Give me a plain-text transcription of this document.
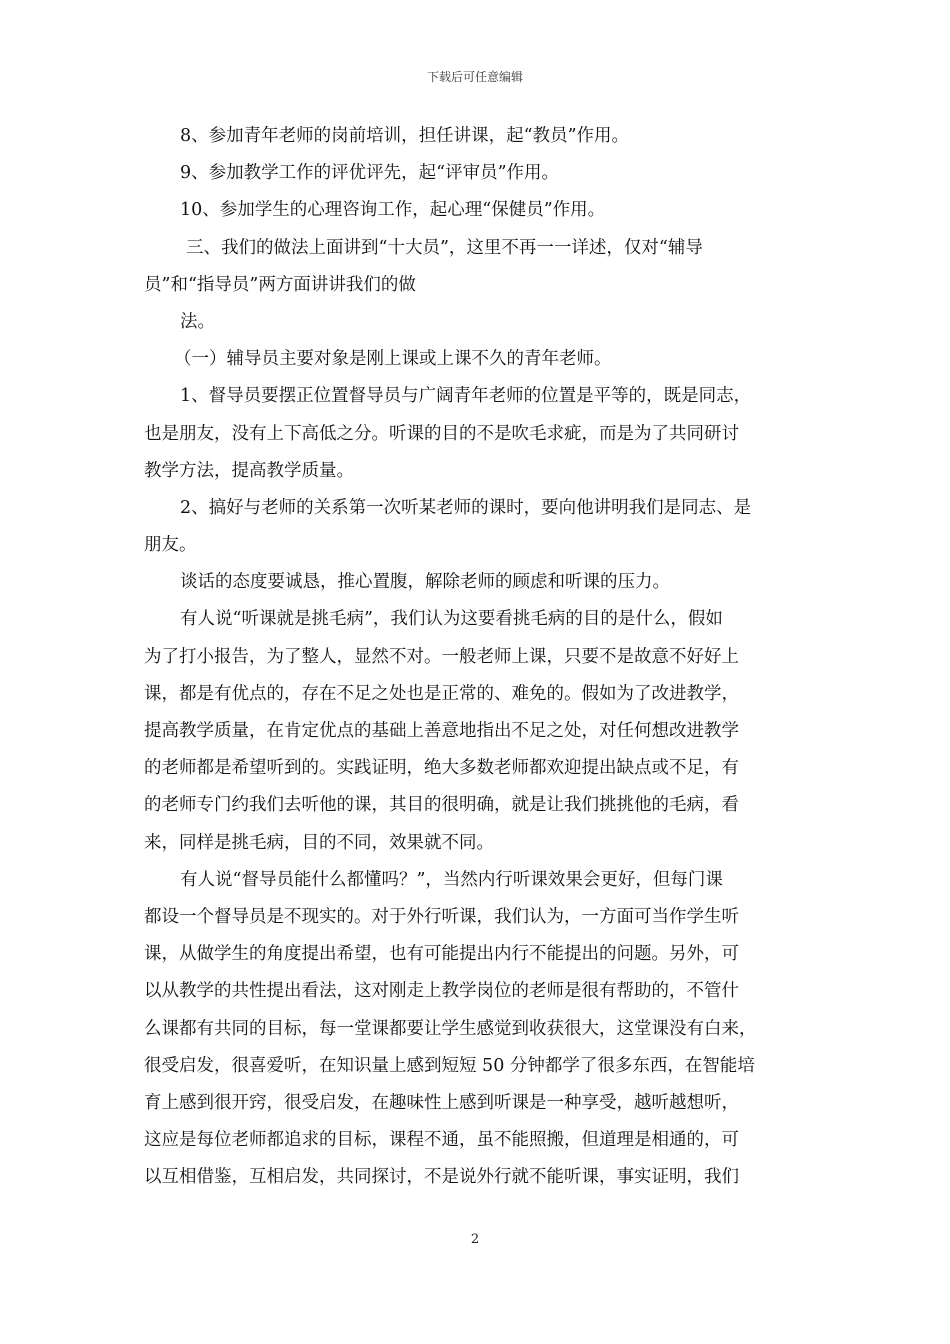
下载后可任意编辑
8、参加青年老师的岗前培训，担任讲课，起“教员”作用。
9、参加教学工作的评优评先，起“评审员”作用。
10、参加学生的心理咨询工作，起心理“保健员”作用。
三、我们的做法上面讲到“十大员”，这里不再一一详述，仅对“辅导
员”和“指导员”两方面讲讲我们的做
法。
（一）辅导员主要对象是刚上课或上课不久的青年老师。
1、督导员要摆正位置督导员与广阔青年老师的位置是平等的，既是同志，
也是朋友，没有上下高低之分。听课的目的不是吹毛求疵，而是为了共同研讨
教学方法，提高教学质量。
2、搞好与老师的关系第一次听某老师的课时，要向他讲明我们是同志、是
朋友。
谈话的态度要诚恳，推心置腹，解除老师的顾虑和听课的压力。
有人说“听课就是挑毛病”，我们认为这要看挑毛病的目的是什么，假如
为了打小报告，为了整人，显然不对。一般老师上课，只要不是故意不好好上
课，都是有优点的，存在不足之处也是正常的、难免的。假如为了改进教学，
提高教学质量，在肯定优点的基础上善意地指出不足之处，对任何想改进教学
的老师都是希望听到的。实践证明，绝大多数老师都欢迎提出缺点或不足，有
的老师专门约我们去听他的课，其目的很明确，就是让我们挑挑他的毛病，看
来，同样是挑毛病，目的不同，效果就不同。
有人说“督导员能什么都懂吗？”，当然内行听课效果会更好，但每门课
都设一个督导员是不现实的。对于外行听课，我们认为，一方面可当作学生听
课，从做学生的角度提出希望，也有可能提出内行不能提出的问题。另外，可
以从教学的共性提出看法，这对刚走上教学岗位的老师是很有帮助的，不管什
么课都有共同的目标，每一堂课都要让学生感觉到收获很大，这堂课没有白来，
很受启发，很喜爱听，在知识量上感到短短 50 分钟都学了很多东西，在智能培
育上感到很开窍，很受启发，在趣味性上感到听课是一种享受，越听越想听，
这应是每位老师都追求的目标，课程不通，虽不能照搬，但道理是相通的，可
以互相借鉴，互相启发，共同探讨，不是说外行就不能听课，事实证明，我们
2
